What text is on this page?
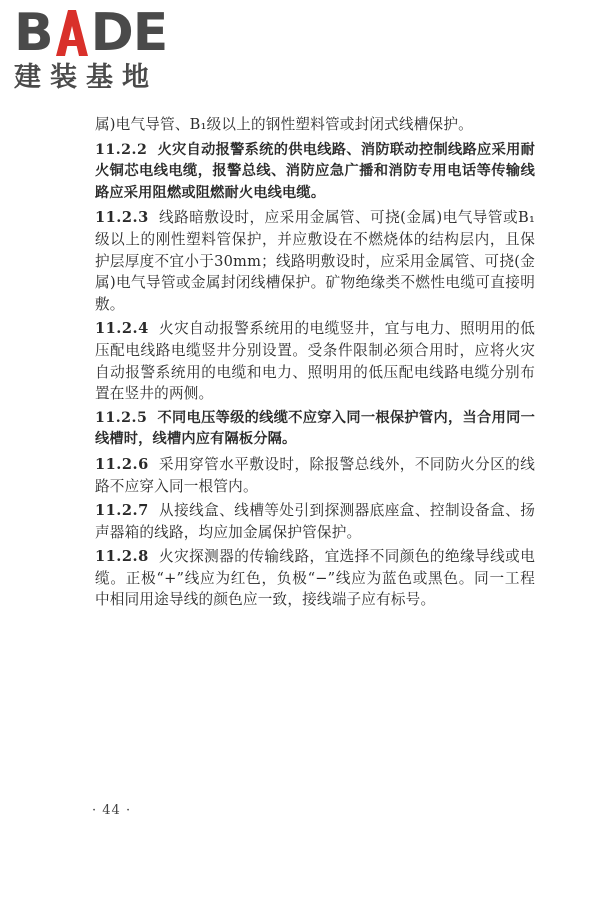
B DE
建装基地

属)电气导管、B₁级以上的钢性塑料管或封闭式线槽保护。

11.2.2 火灾自动报警系统的供电线路、消防联动控制线路应采用耐火铜芯电线电缆，报警总线、消防应急广播和消防专用电话等传输线路应采用阻燃或阻燃耐火电线电缆。

11.2.3 线路暗敷设时，应采用金属管、可挠(金属)电气导管或B₁级以上的刚性塑料管保护，并应敷设在不燃烧体的结构层内，且保护层厚度不宜小于30mm；线路明敷设时，应采用金属管、可挠(金属)电气导管或金属封闭线槽保护。矿物绝缘类不燃性电缆可直接明敷。

11.2.4 火灾自动报警系统用的电缆竖井，宜与电力、照明用的低压配电线路电缆竖井分别设置。受条件限制必须合用时，应将火灾自动报警系统用的电缆和电力、照明用的低压配电线路电缆分别布置在竖井的两侧。

11.2.5 不同电压等级的线缆不应穿入同一根保护管内，当合用同一线槽时，线槽内应有隔板分隔。

11.2.6 采用穿管水平敷设时，除报警总线外，不同防火分区的线路不应穿入同一根管内。

11.2.7 从接线盒、线槽等处引到探测器底座盒、控制设备盒、扬声器箱的线路，均应加金属保护管保护。

11.2.8 火灾探测器的传输线路，宜选择不同颜色的绝缘导线或电缆。正极“+”线应为红色，负极“−”线应为蓝色或黑色。同一工程中相同用途导线的颜色应一致，接线端子应有标号。

· 44 ·
